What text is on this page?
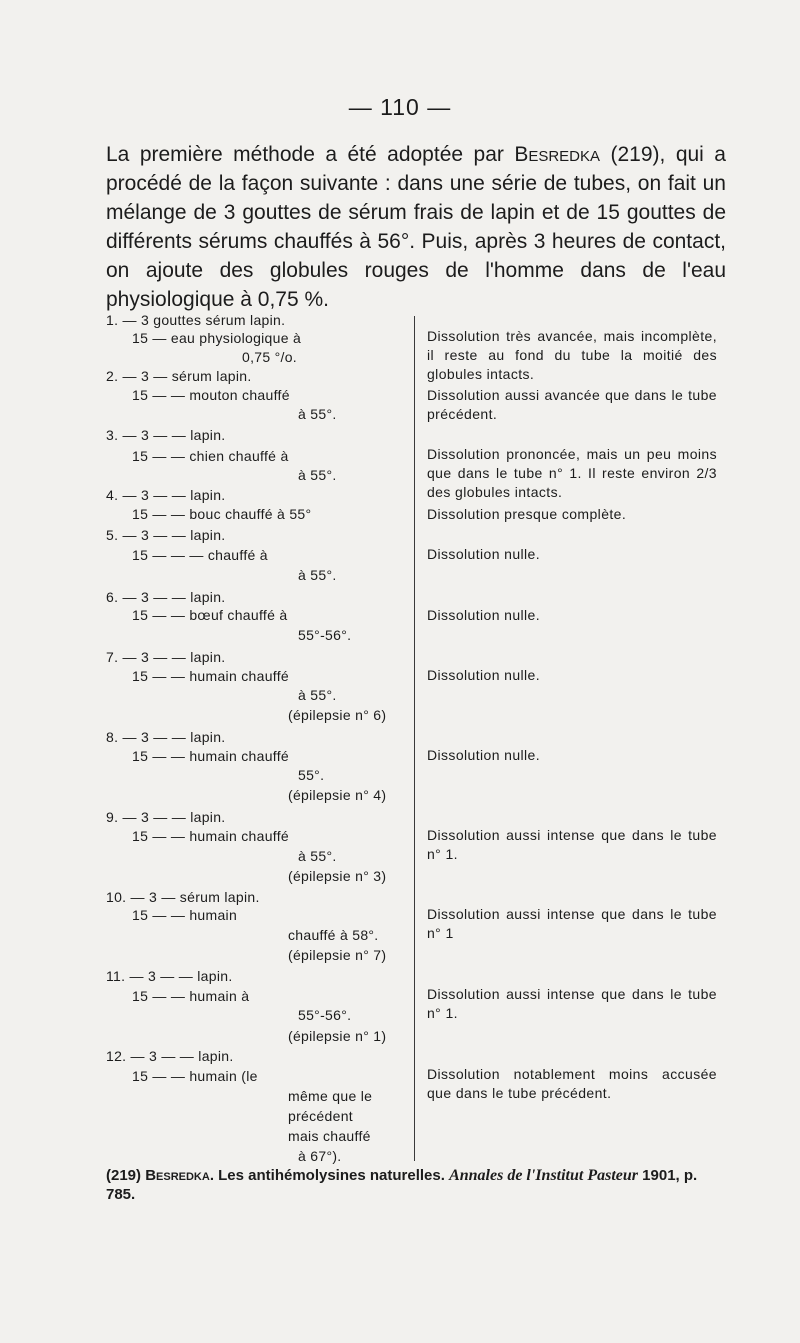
— 110 —

La première méthode a été adoptée par Besredka (219), qui a procédé de la façon suivante : dans une série de tubes, on fait un mélange de 3 gouttes de sérum frais de lapin et de 15 gouttes de différents sérums chauffés à 56°. Puis, après 3 heures de contact, on ajoute des globules rouges de l'homme dans de l'eau physiologique à 0,75 %.

1. — 3 gouttes sérum lapin.
15 — eau physiologique à
0,75 °/o.
2. — 3 — sérum lapin.
15 — — mouton chauffé
à 55°.
3. — 3 — — lapin.
15 — — chien chauffé à
à 55°.
4. — 3 — — lapin.
15 — — bouc chauffé à 55°
5. — 3 — — lapin.
15 — — — chauffé à
à 55°.
6. — 3 — — lapin.
15 — — bœuf chauffé à
55°-56°.
7. — 3 — — lapin.
15 — — humain chauffé
à 55°.
(épilepsie n° 6)
8. — 3 — — lapin.
15 — — humain chauffé
55°.
(épilepsie n° 4)
9. — 3 — — lapin.
15 — — humain chauffé
à 55°.
(épilepsie n° 3)
10. — 3 — sérum lapin.
15 — — humain
chauffé à 58°.
(épilepsie n° 7)
11. — 3 — — lapin.
15 — — humain à
55°-56°.
(épilepsie n° 1)
12. — 3 — — lapin.
15 — — humain (le
même que le
précédent
mais chauffé
à 67°).

Dissolution très avancée, mais incomplète, il reste au fond du tube la moitié des globules intacts.

Dissolution aussi avancée que dans le tube précédent.

Dissolution prononcée, mais un peu moins que dans le tube n° 1. Il reste environ 2/3 des globules intacts.

Dissolution presque complète.

Dissolution nulle.

Dissolution nulle.

Dissolution nulle.

Dissolution nulle.

Dissolution aussi intense que dans le tube n° 1.

Dissolution aussi intense que dans le tube n° 1

Dissolution aussi intense que dans le tube n° 1.

Dissolution notablement moins accusée que dans le tube précédent.

(219) Besredka. Les antihémolysines naturelles. Annales de l'Institut Pasteur 1901, p. 785.
